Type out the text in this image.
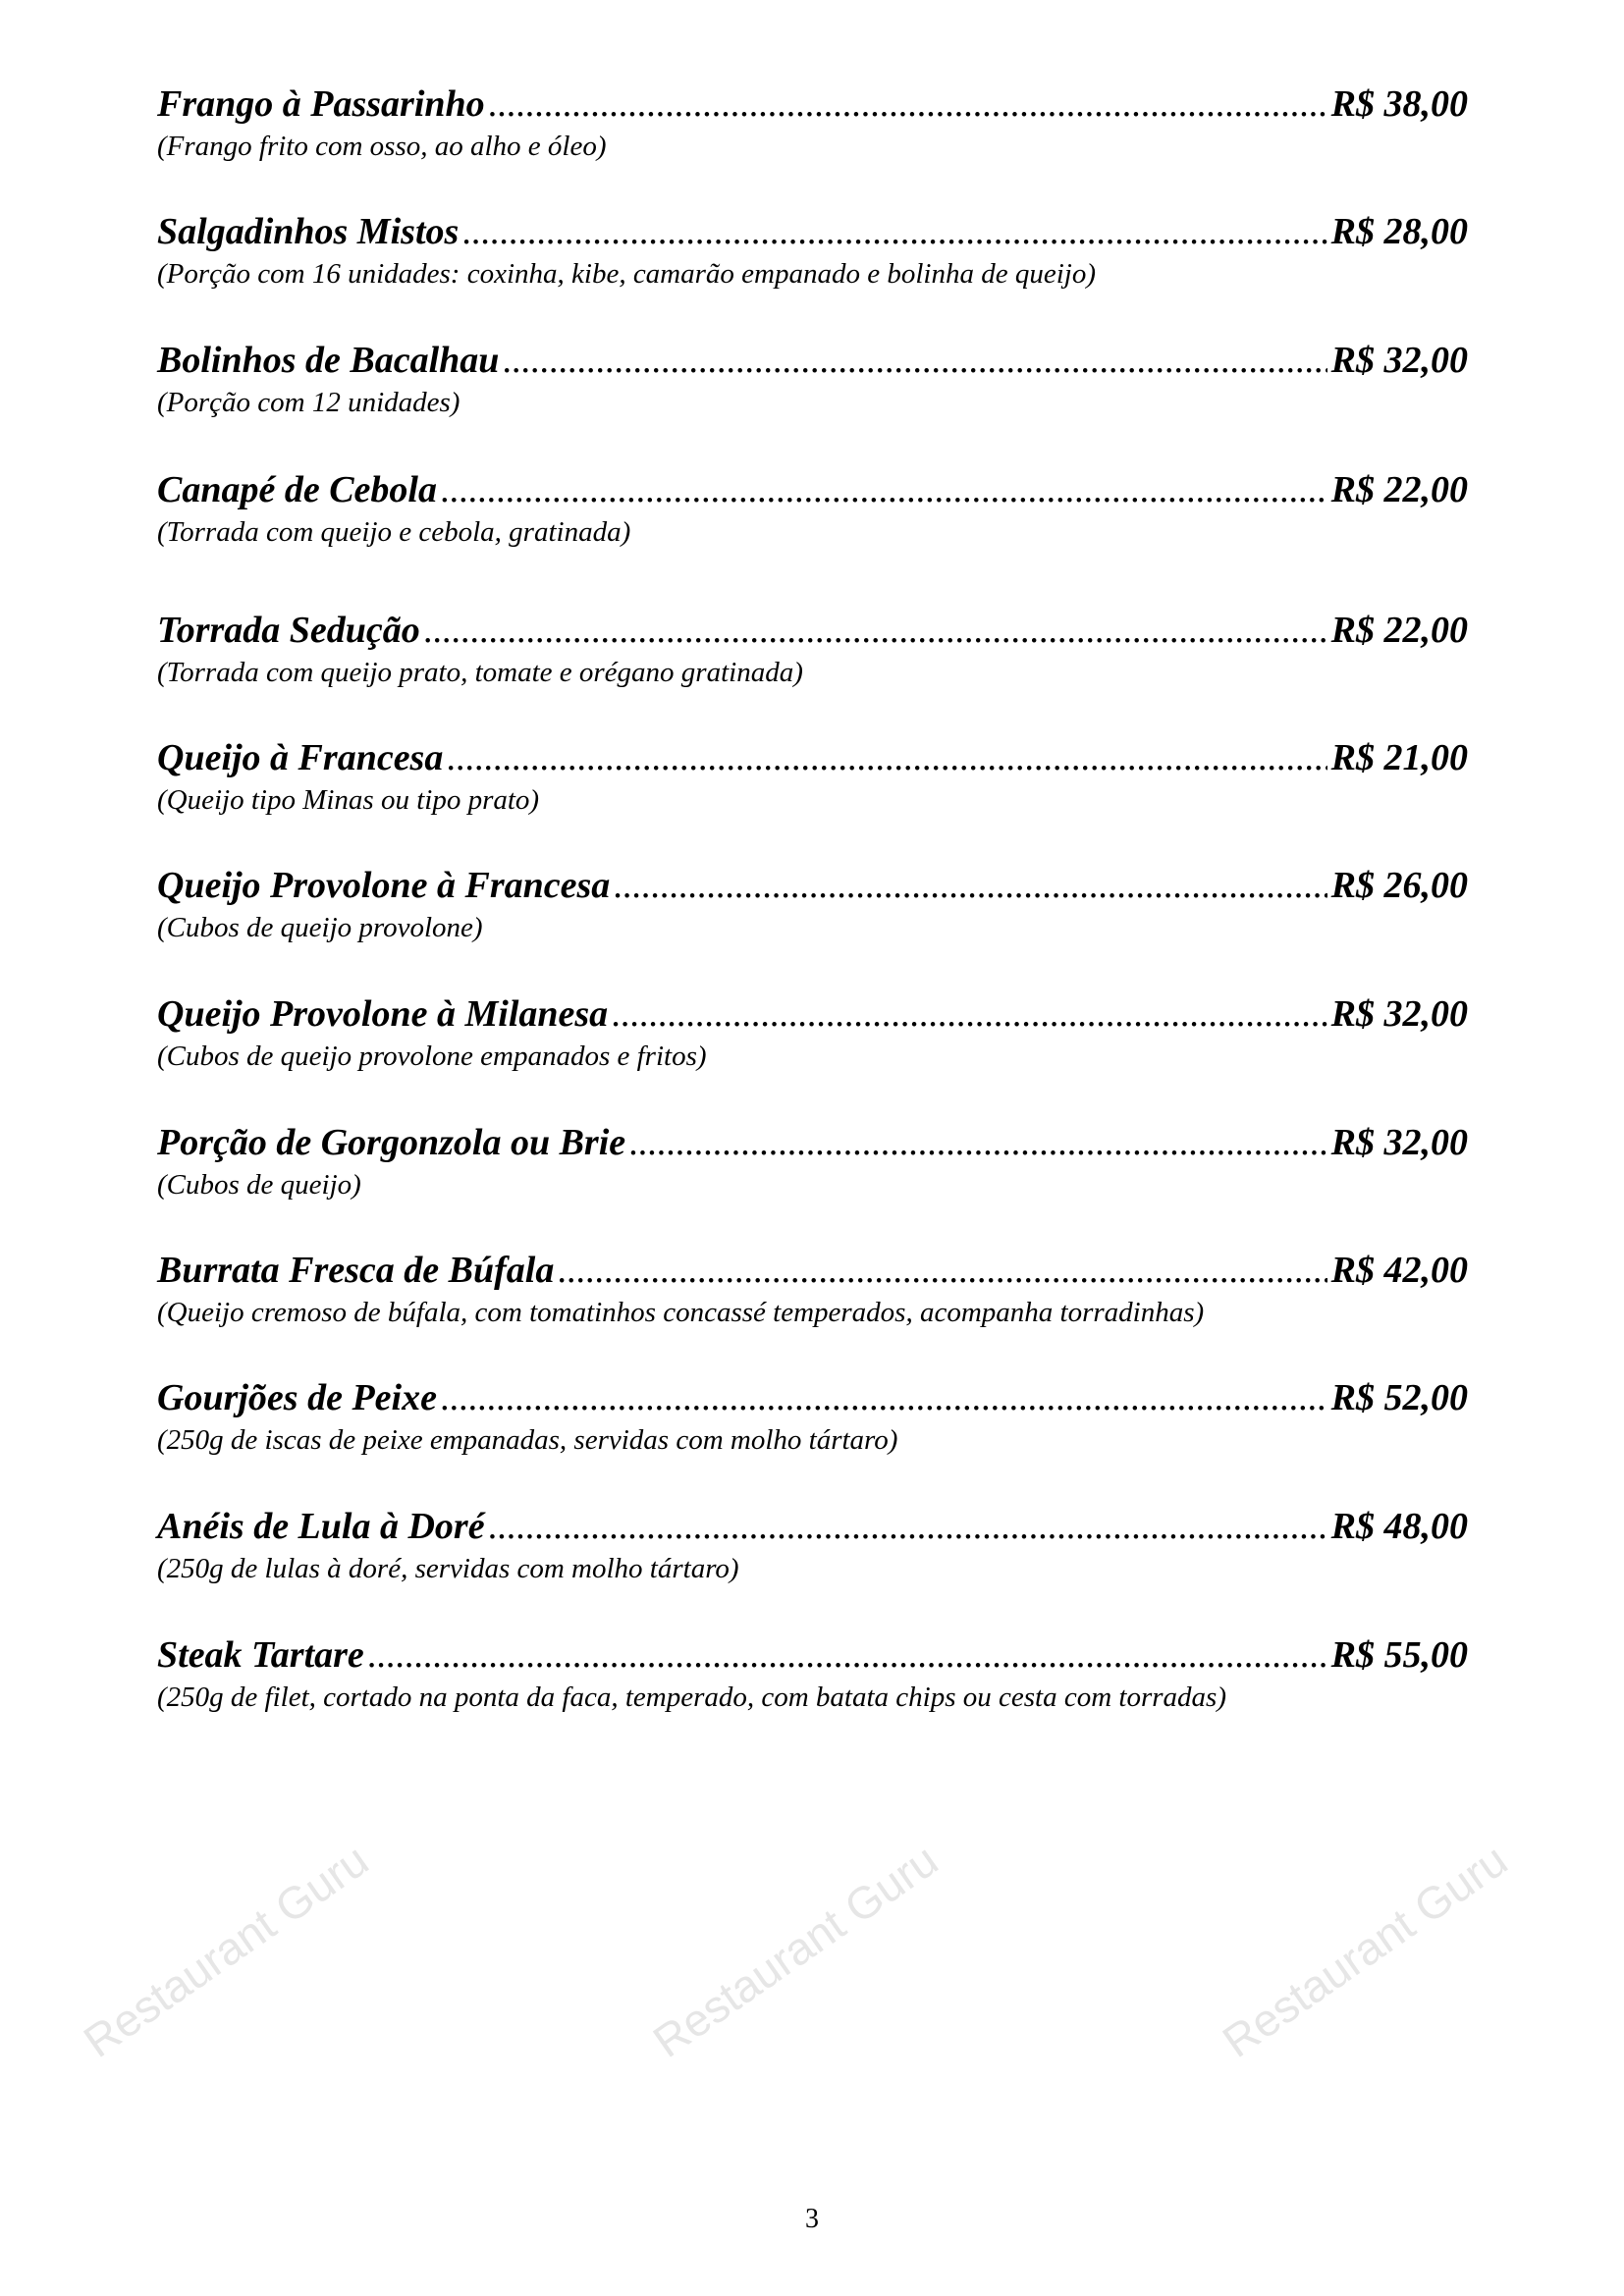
Restaurant Guru	Restaurant Guru	Restaurant Guru
Frango à Passarinho .....	R$ 38,00
(Frango frito com osso, ao alho e óleo)
Salgadinhos Mistos .....	R$ 28,00
(Porção com 16 unidades: coxinha, kibe, camarão empanado e bolinha de queijo)
Bolinhos de Bacalhau .....	R$ 32,00
(Porção com 12 unidades)
Canapé de Cebola .....	R$ 22,00
(Torrada com queijo e cebola, gratinada)
Torrada Sedução .....	R$ 22,00
(Torrada com queijo prato, tomate e orégano gratinada)
Queijo à Francesa .....	R$ 21,00
(Queijo tipo Minas ou tipo prato)
Queijo Provolone à Francesa .....	R$ 26,00
(Cubos de queijo provolone)
Queijo Provolone à Milanesa .....	R$ 32,00
(Cubos de queijo provolone empanados e fritos)
Porção de Gorgonzola ou Brie .....	R$ 32,00
(Cubos de queijo)
Burrata Fresca de Búfala .....	R$ 42,00
(Queijo cremoso de búfala, com tomatinhos concassé temperados, acompanha torradinhas)
Gourjões de Peixe .....	R$ 52,00
(250g de iscas de peixe empanadas, servidas com molho tártaro)
Anéis de Lula à Doré .....	R$ 48,00
(250g de lulas à doré, servidas com molho tártaro)
Steak Tartare .....	R$ 55,00
(250g de filet, cortado na ponta da faca, temperado, com batata chips ou cesta com torradas)
3
